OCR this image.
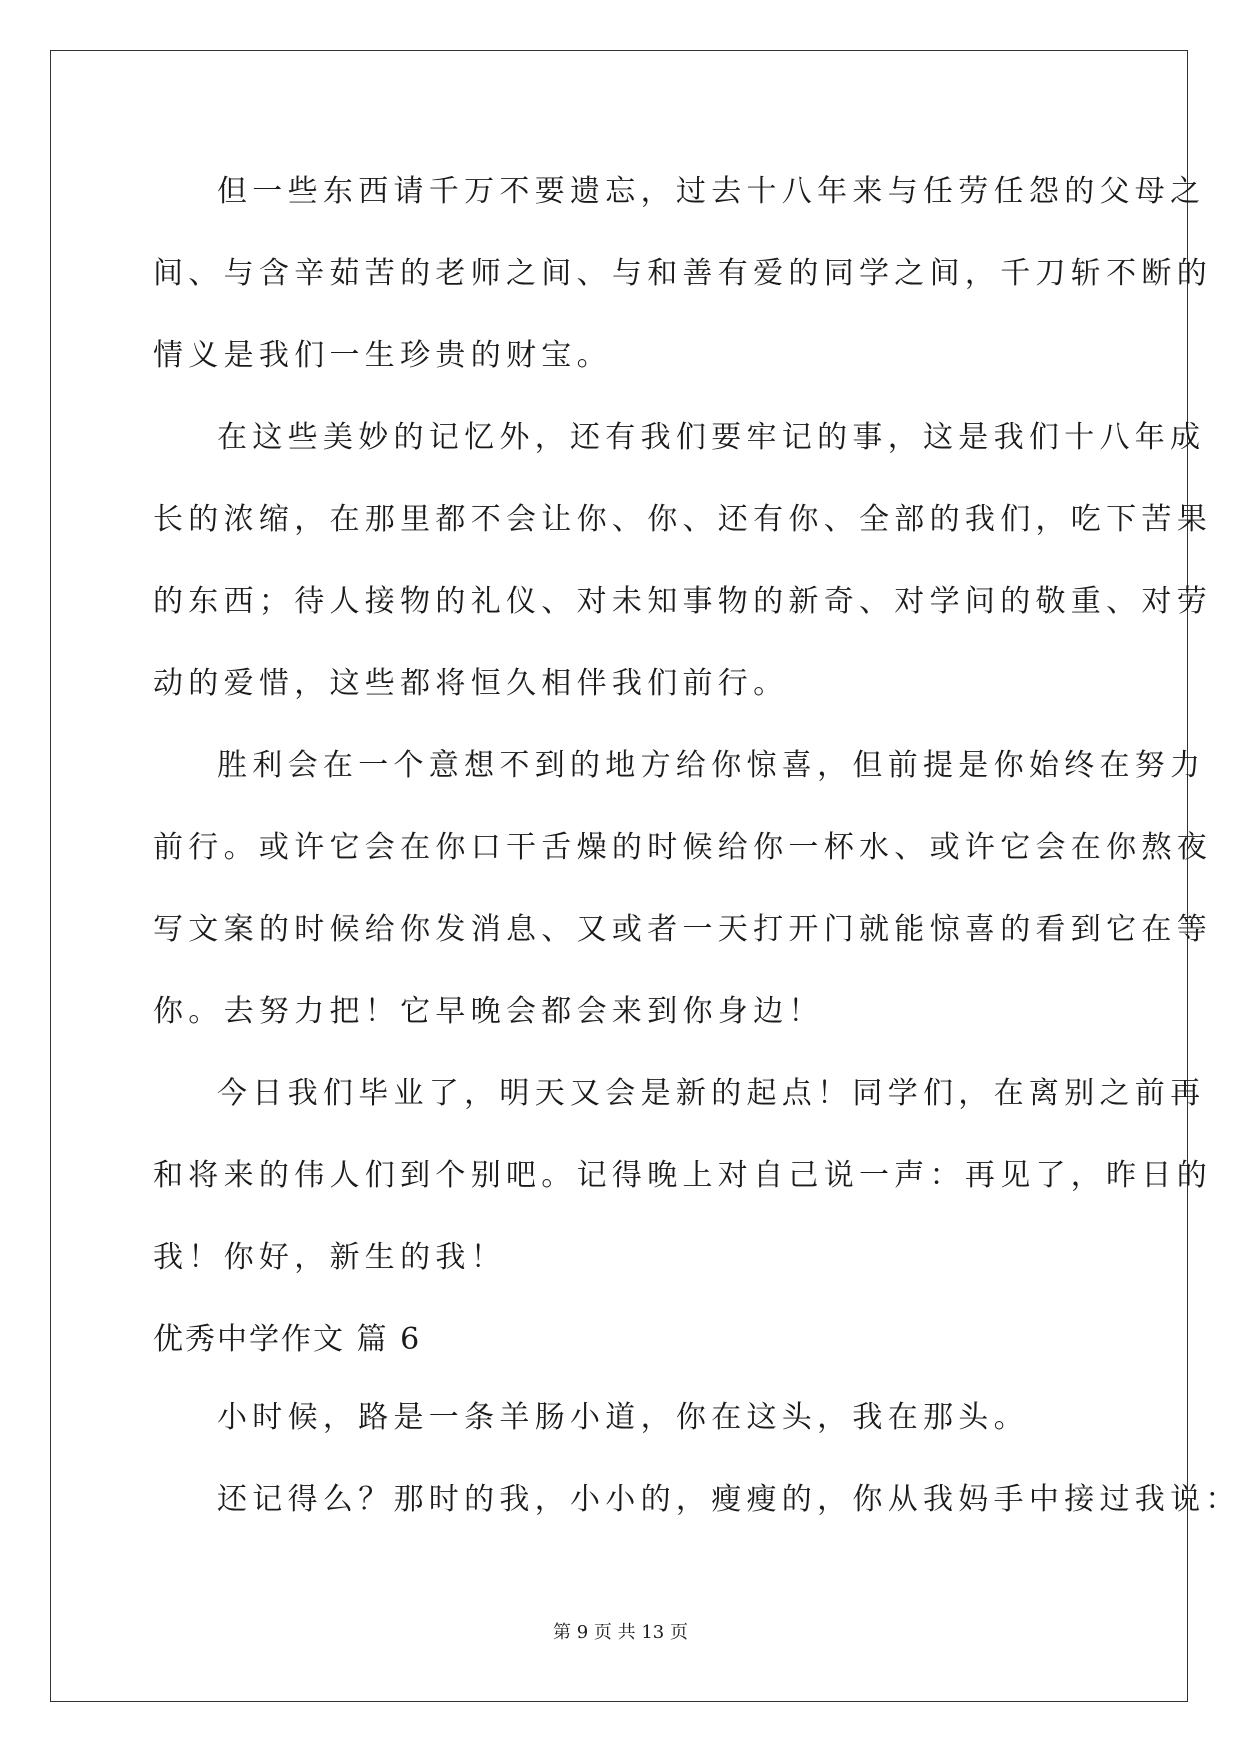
但一些东西请千万不要遗忘，过去十八年来与任劳任怨的父母之
间、与含辛茹苦的老师之间、与和善有爱的同学之间，千刀斩不断的
情义是我们一生珍贵的财宝。
在这些美妙的记忆外，还有我们要牢记的事，这是我们十八年成
长的浓缩，在那里都不会让你、你、还有你、全部的我们，吃下苦果
的东西；待人接物的礼仪、对未知事物的新奇、对学问的敬重、对劳
动的爱惜，这些都将恒久相伴我们前行。
胜利会在一个意想不到的地方给你惊喜，但前提是你始终在努力
前行。或许它会在你口干舌燥的时候给你一杯水、或许它会在你熬夜
写文案的时候给你发消息、又或者一天打开门就能惊喜的看到它在等
你。去努力把！它早晚会都会来到你身边！
今日我们毕业了，明天又会是新的起点！同学们，在离别之前再
和将来的伟人们到个别吧。记得晚上对自己说一声：再见了，昨日的
我！你好，新生的我！
优秀中学作文 篇 6
小时候，路是一条羊肠小道，你在这头，我在那头。
还记得么？那时的我，小小的，瘦瘦的，你从我妈手中接过我说：
第 9 页 共 13 页
